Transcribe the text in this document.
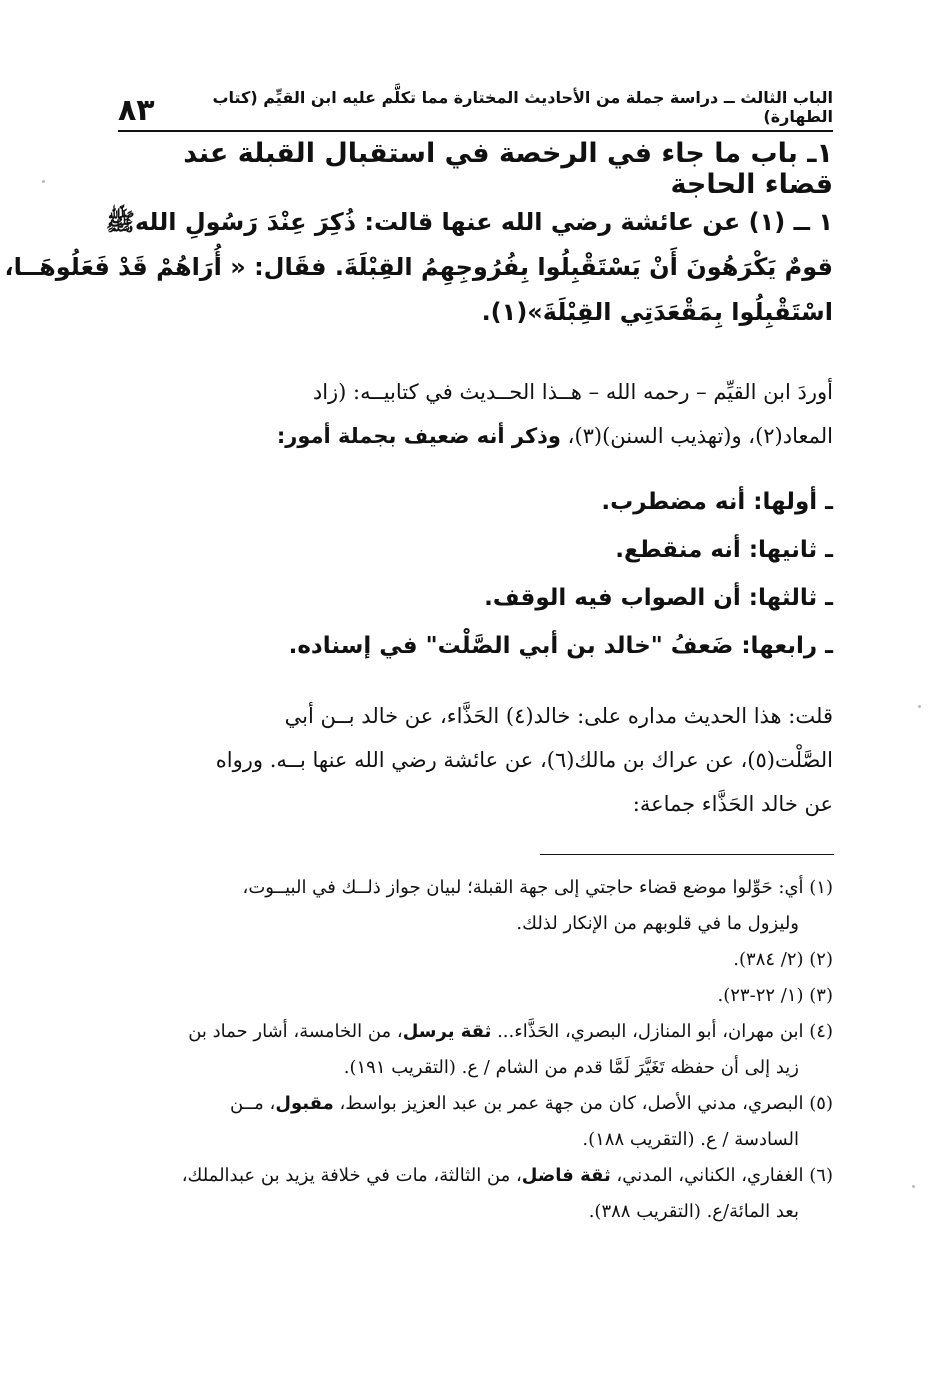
الباب الثالث ــ دراسة جملة من الأحاديث المختارة مما تكلَّم عليه ابن القيِّم (كتاب الطهارة)
٨٣
١ـ باب ما جاء في الرخصة في استقبال القبلة عند قضاء الحاجة
١ ــ (١) عن عائشة رضي الله عنها قالت: ذُكِرَ عِنْدَ رَسُولِ اللهﷺ
قومٌ يَكْرَهُونَ أَنْ يَسْتَقْبِلُوا بِفُرُوجِهِمُ القِبْلَةَ. فقَال: « أُرَاهُمْ قَدْ فَعَلُوهَــا،
اسْتَقْبِلُوا بِمَقْعَدَتِي القِبْلَةَ»(١).
أوردَ ابن القيِّم – رحمه الله – هــذا الحــديث في كتابيــه: (زاد
المعاد(٢)، و(تهذيب السنن)(٣)، وذكر أنه ضعيف بجملة أمور:
ـ أولها: أنه مضطرب.
ـ ثانيها: أنه منقطع.
ـ ثالثها: أن الصواب فيه الوقف.
ـ رابعها: ضَعفُ "خالد بن أبي الصَّلْت" في إسناده.
قلت: هذا الحديث مداره على: خالد(٤) الحَذَّاء، عن خالد بــن أبي
الصَّلْت(٥)، عن عراك بن مالك(٦)، عن عائشة رضي الله عنها بــه. ورواه
عن خالد الحَذَّاء جماعة:
(١) أي: حَوِّلوا موضع قضاء حاجتي إلى جهة القبلة؛ لبيان جواز ذلــك في البيــوت،
وليزول ما في قلوبهم من الإنكار لذلك.
(٢) (٢/ ٣٨٤).
(٣) (١/ ٢٢-٢٣).
(٤) ابن مهران، أبو المنازل، البصري، الحَذَّاء... ثقة يرسل، من الخامسة، أشار حماد بن
زيد إلى أن حفظه تَغَيَّرَ لَمَّا قدم من الشام / ع. (التقريب ١٩١).
(٥) البصري، مدني الأصل، كان من جهة عمر بن عبد العزيز بواسط، مقبول، مــن
السادسة / ع. (التقريب ١٨٨).
(٦) الغفاري، الكناني، المدني، ثقة فاضل، من الثالثة، مات في خلافة يزيد بن عبدالملك،
بعد المائة/ع. (التقريب ٣٨٨).
